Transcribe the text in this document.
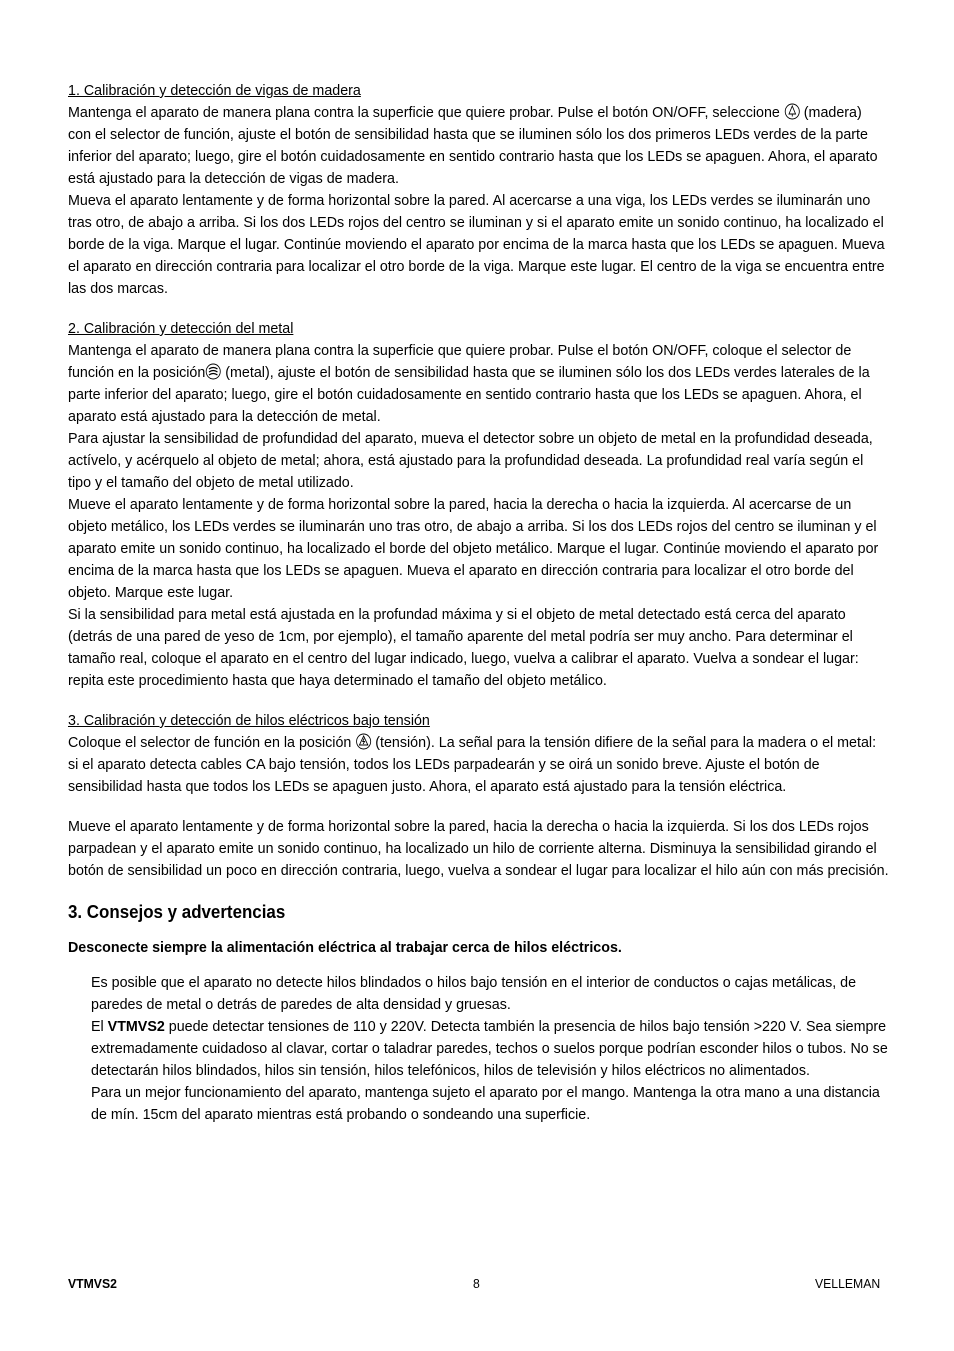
1. Calibración y detección de vigas de madera

Mantenga el aparato de manera plana contra la superficie que quiere probar. Pulse el botón ON/OFF, seleccione (madera) con el selector de función, ajuste el botón de sensibilidad hasta que se iluminen sólo los dos primeros LEDs verdes de la parte inferior del aparato; luego, gire el botón cuidadosamente en sentido contrario hasta que los LEDs se apaguen. Ahora, el aparato está ajustado para la detección de vigas de madera.

Mueva el aparato lentamente y de forma horizontal sobre la pared. Al acercarse a una viga, los LEDs verdes se iluminarán uno tras otro, de abajo a arriba. Si los dos LEDs rojos del centro se iluminan y si el aparato emite un sonido continuo, ha localizado el borde de la viga. Marque el lugar. Continúe moviendo el aparato por encima de la marca hasta que los LEDs se apaguen. Mueva el aparato en dirección contraria para localizar el otro borde de la viga. Marque este lugar. El centro de la viga se encuentra entre las dos marcas.

2. Calibración y detección del metal

Mantenga el aparato de manera plana contra la superficie que quiere probar. Pulse el botón ON/OFF, coloque el selector de función en la posición (metal), ajuste el botón de sensibilidad hasta que se iluminen sólo los dos LEDs verdes laterales de la parte inferior del aparato; luego, gire el botón cuidadosamente en sentido contrario hasta que los LEDs se apaguen. Ahora, el aparato está ajustado para la detección de metal.

Para ajustar la sensibilidad de profundidad del aparato, mueva el detector sobre un objeto de metal en la profundidad deseada, actívelo, y acérquelo al objeto de metal; ahora, está ajustado para la profundidad deseada. La profundidad real varía según el tipo y el tamaño del objeto de metal utilizado.

Mueve el aparato lentamente y de forma horizontal sobre la pared, hacia la derecha o hacia la izquierda. Al acercarse de un objeto metálico, los LEDs verdes se iluminarán uno tras otro, de abajo a arriba. Si los dos LEDs rojos del centro se iluminan y el aparato emite un sonido continuo, ha localizado el borde del objeto metálico. Marque el lugar. Continúe moviendo el aparato por encima de la marca hasta que los LEDs se apaguen. Mueva el aparato en dirección contraria para localizar el otro borde del objeto. Marque este lugar.

Si la sensibilidad para metal está ajustada en la profundad máxima y si el objeto de metal detectado está cerca del aparato (detrás de una pared de yeso de 1cm, por ejemplo), el tamaño aparente del metal podría ser muy ancho. Para determinar el tamaño real, coloque el aparato en el centro del lugar indicado, luego, vuelva a calibrar el aparato. Vuelva a sondear el lugar: repita este procedimiento hasta que haya determinado el tamaño del objeto metálico.

3. Calibración y detección de hilos eléctricos bajo tensión

Coloque el selector de función en la posición (tensión). La señal para la tensión difiere de la señal para la madera o el metal: si el aparato detecta cables CA bajo tensión, todos los LEDs parpadearán y se oirá un sonido breve. Ajuste el botón de sensibilidad hasta que todos los LEDs se apaguen justo. Ahora, el aparato está ajustado para la tensión eléctrica.

Mueve el aparato lentamente y de forma horizontal sobre la pared, hacia la derecha o hacia la izquierda. Si los dos LEDs rojos parpadean y el aparato emite un sonido continuo, ha localizado un hilo de corriente alterna. Disminuya la sensibilidad girando el botón de sensibilidad un poco en dirección contraria, luego, vuelva a sondear el lugar para localizar el hilo aún con más precisión.

3. Consejos y advertencias

Desconecte siempre la alimentación eléctrica al trabajar cerca de hilos eléctricos.

Es posible que el aparato no detecte hilos blindados o hilos bajo tensión en el interior de conductos o cajas metálicas, de paredes de metal o detrás de paredes de alta densidad y gruesas.

El VTMVS2 puede detectar tensiones de 110 y 220V. Detecta también la presencia de hilos bajo tensión >220 V. Sea siempre extremadamente cuidadoso al clavar, cortar o taladrar paredes, techos o suelos porque podrían esconder hilos o tubos. No se detectarán hilos blindados, hilos sin tensión, hilos telefónicos, hilos de televisión y hilos eléctricos no alimentados.

Para un mejor funcionamiento del aparato, mantenga sujeto el aparato por el mango. Mantenga la otra mano a una distancia de mín. 15cm del aparato mientras está probando o sondeando una superficie.

VTMVS2	8	VELLEMAN
